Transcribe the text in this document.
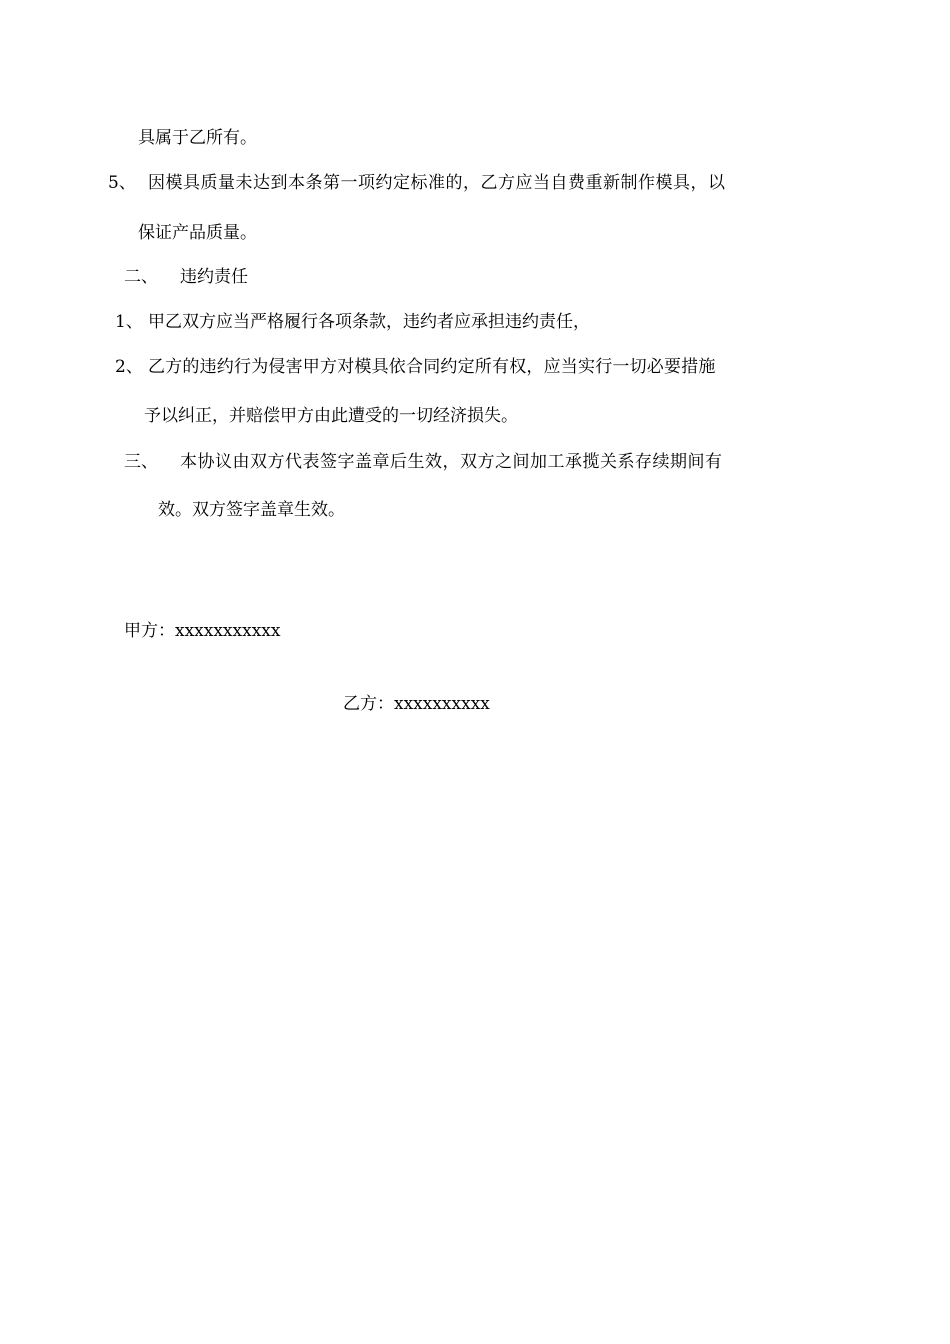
具属于乙所有。
5、 因模具质量未达到本条第一项约定标准的，乙方应当自费重新制作模具，以
保证产品质量。
二、 违约责任
1、 甲乙双方应当严格履行各项条款，违约者应承担违约责任，
2、 乙方的违约行为侵害甲方对模具依合同约定所有权，应当实行一切必要措施
予以纠正，并赔偿甲方由此遭受的一切经济损失。
三、 本协议由双方代表签字盖章后生效，双方之间加工承揽关系存续期间有
效。双方签字盖章生效。
甲方：xxxxxxxxxxx
乙方：xxxxxxxxxx
